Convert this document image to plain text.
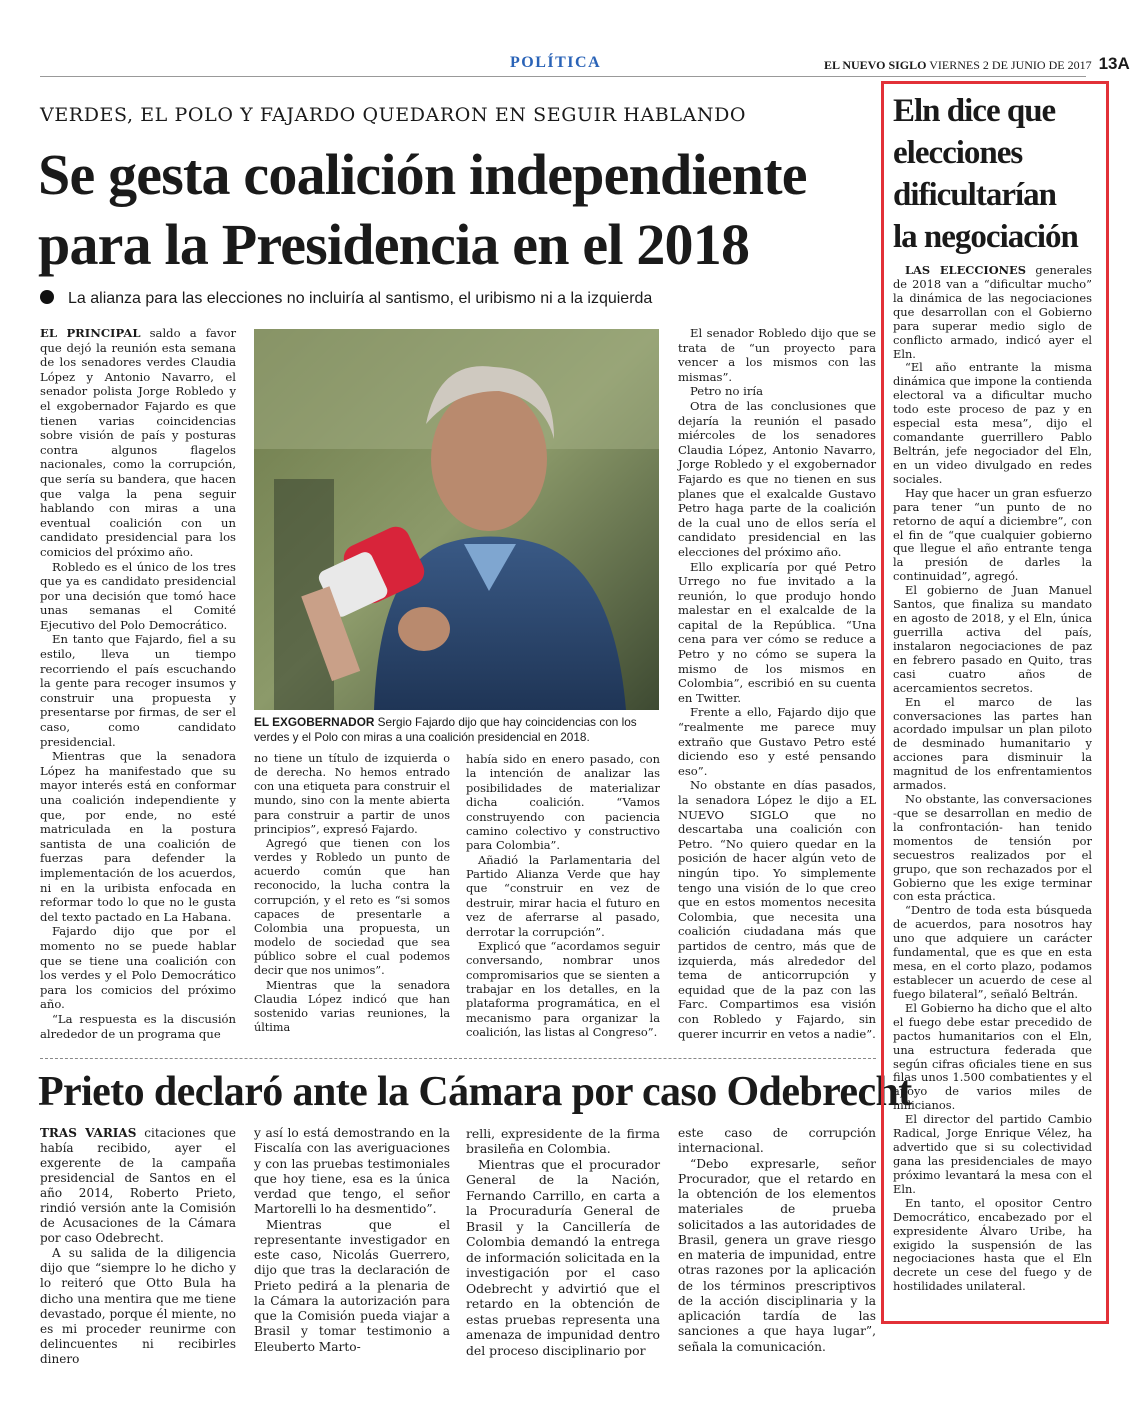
POLÍTICA	EL NUEVO SIGLO VIERNES 2 DE JUNIO DE 2017 13A
VERDES, EL POLO Y FAJARDO QUEDARON EN SEGUIR HABLANDO
Se gesta coalición independiente
para la Presidencia en el 2018
La alianza para las elecciones no incluiría al santismo, el uribismo ni a la izquierda

EL PRINCIPAL saldo a favor que dejó la reunión esta semana de los senadores verdes Claudia López y Antonio Navarro, el senador polista Jorge Robledo y el exgobernador Fajardo es que tienen varias coincidencias sobre visión de país y posturas contra algunos flagelos nacionales, como la corrupción, que sería su bandera, que hacen que valga la pena seguir hablando con miras a una eventual coalición con un candidato presidencial para los comicios del próximo año.

Robledo es el único de los tres que ya es candidato presidencial por una decisión que tomó hace unas semanas el Comité Ejecutivo del Polo Democrático.

En tanto que Fajardo, fiel a su estilo, lleva un tiempo recorriendo el país escuchando la gente para recoger insumos y construir una propuesta y presentarse por firmas, de ser el caso, como candidato presidencial.

Mientras que la senadora López ha manifestado que su mayor interés está en conformar una coalición independiente y que, por ende, no esté matriculada en la postura santista de una coalición de fuerzas para defender la implementación de los acuerdos, ni en la uribista enfocada en reformar todo lo que no le gusta del texto pactado en La Habana.

Fajardo dijo que por el momento no se puede hablar que se tiene una coalición con los verdes y el Polo Democrático para los comicios del próximo año.

“La respuesta es la discusión alrededor de un programa que

EL EXGOBERNADOR Sergio Fajardo dijo que hay coincidencias con los verdes y el Polo con miras a una coalición presidencial en 2018.

no tiene un título de izquierda o de derecha. No hemos entrado con una etiqueta para construir el mundo, sino con la mente abierta para construir a partir de unos principios”, expresó Fajardo.

Agregó que tienen con los verdes y Robledo un punto de acuerdo común que han reconocido, la lucha contra la corrupción, y el reto es “si somos capaces de presentarle a Colombia una propuesta, un modelo de sociedad que sea público sobre el cual podemos decir que nos unimos”.

Mientras que la senadora Claudia López indicó que han sostenido varias reuniones, la última

había sido en enero pasado, con la intención de analizar las posibilidades de materializar dicha coalición. “Vamos construyendo con paciencia camino colectivo y constructivo para Colombia”.

Añadió la Parlamentaria del Partido Alianza Verde que hay que “construir en vez de destruir, mirar hacia el futuro en vez de aferrarse al pasado, derrotar la corrupción”.

Explicó que “acordamos seguir conversando, nombrar unos compromisarios que se sienten a trabajar en los detalles, en la plataforma programática, en el mecanismo para organizar la coalición, las listas al Congreso”.

El senador Robledo dijo que se trata de “un proyecto para vencer a los mismos con las mismas”.

Petro no iría

Otra de las conclusiones que dejaría la reunión el pasado miércoles de los senadores Claudia López, Antonio Navarro, Jorge Robledo y el exgobernador Fajardo es que no tienen en sus planes que el exalcalde Gustavo Petro haga parte de la coalición de la cual uno de ellos sería el candidato presidencial en las elecciones del próximo año.

Ello explicaría por qué Petro Urrego no fue invitado a la reunión, lo que produjo hondo malestar en el exalcalde de la capital de la República. “Una cena para ver cómo se reduce a Petro y no cómo se supera la mismo de los mismos en Colombia”, escribió en su cuenta en Twitter.

Frente a ello, Fajardo dijo que “realmente me parece muy extraño que Gustavo Petro esté diciendo eso y esté pensando eso”.

No obstante en días pasados, la senadora López le dijo a EL NUEVO SIGLO que no descartaba una coalición con Petro. “No quiero quedar en la posición de hacer algún veto de ningún tipo. Yo simplemente tengo una visión de lo que creo que en estos momentos necesita Colombia, que necesita una coalición ciudadana más que partidos de centro, más que de izquierda, más alrededor del tema de anticorrupción y equidad que de la paz con las Farc. Compartimos esa visión con Robledo y Fajardo, sin querer incurrir en vetos a nadie”.

Prieto declaró ante la Cámara por caso Odebrecht

TRAS VARIAS citaciones que había recibido, ayer el exgerente de la campaña presidencial de Santos en el año 2014, Roberto Prieto, rindió versión ante la Comisión de Acusaciones de la Cámara por caso Odebrecht.

A su salida de la diligencia dijo que “siempre lo he dicho y lo reiteró que Otto Bula ha dicho una mentira que me tiene devastado, porque él miente, no es mi proceder reunirme con delincuentes ni recibirles dinero

y así lo está demostrando en la Fiscalía con las averiguaciones y con las pruebas testimoniales que hoy tiene, esa es la única verdad que tengo, el señor Martorelli lo ha desmentido”.

Mientras que el representante investigador en este caso, Nicolás Guerrero, dijo que tras la declaración de Prieto pedirá a la plenaria de la Cámara la autorización para que la Comisión pueda viajar a Brasil y tomar testimonio a Eleuberto Marto-

relli, expresidente de la firma brasileña en Colombia.

Mientras que el procurador General de la Nación, Fernando Carrillo, en carta a la Procuraduría General de Brasil y la Cancillería de Colombia demandó la entrega de información solicitada en la investigación por el caso Odebrecht y advirtió que el retardo en la obtención de estas pruebas representa una amenaza de impunidad dentro del proceso disciplinario por

este caso de corrupción internacional.

“Debo expresarle, señor Procurador, que el retardo en la obtención de los elementos materiales de prueba solicitados a las autoridades de Brasil, genera un grave riesgo en materia de impunidad, entre otras razones por la aplicación de los términos prescriptivos de la acción disciplinaria y la aplicación tardía de las sanciones a que haya lugar”, señala la comunicación.

Eln dice que
elecciones
dificultarían
la negociación

LAS ELECCIONES generales de 2018 van a “dificultar mucho” la dinámica de las negociaciones que desarrollan con el Gobierno para superar medio siglo de conflicto armado, indicó ayer el Eln.

“El año entrante la misma dinámica que impone la contienda electoral va a dificultar mucho todo este proceso de paz y en especial esta mesa”, dijo el comandante guerrillero Pablo Beltrán, jefe negociador del Eln, en un video divulgado en redes sociales.

Hay que hacer un gran esfuerzo para tener “un punto de no retorno de aquí a diciembre”, con el fin de “que cualquier gobierno que llegue el año entrante tenga la presión de darles la continuidad”, agregó.

El gobierno de Juan Manuel Santos, que finaliza su mandato en agosto de 2018, y el Eln, única guerrilla activa del país, instalaron negociaciones de paz en febrero pasado en Quito, tras casi cuatro años de acercamientos secretos.

En el marco de las conversaciones las partes han acordado impulsar un plan piloto de desminado humanitario y acciones para disminuir la magnitud de los enfrentamientos armados.

No obstante, las conversaciones -que se desarrollan en medio de la confrontación- han tenido momentos de tensión por secuestros realizados por el grupo, que son rechazados por el Gobierno que les exige terminar con esta práctica.

“Dentro de toda esta búsqueda de acuerdos, para nosotros hay uno que adquiere un carácter fundamental, que es que en esta mesa, en el corto plazo, podamos establecer un acuerdo de cese al fuego bilateral”, señaló Beltrán.

El Gobierno ha dicho que el alto el fuego debe estar precedido de pactos humanitarios con el Eln, una estructura federada que según cifras oficiales tiene en sus filas unos 1.500 combatientes y el apoyo de varios miles de milicianos.

El director del partido Cambio Radical, Jorge Enrique Vélez, ha advertido que si su colectividad gana las presidenciales de mayo próximo levantará la mesa con el Eln.

En tanto, el opositor Centro Democrático, encabezado por el expresidente Álvaro Uribe, ha exigido la suspensión de las negociaciones hasta que el Eln decrete un cese del fuego y de hostilidades unilateral.
